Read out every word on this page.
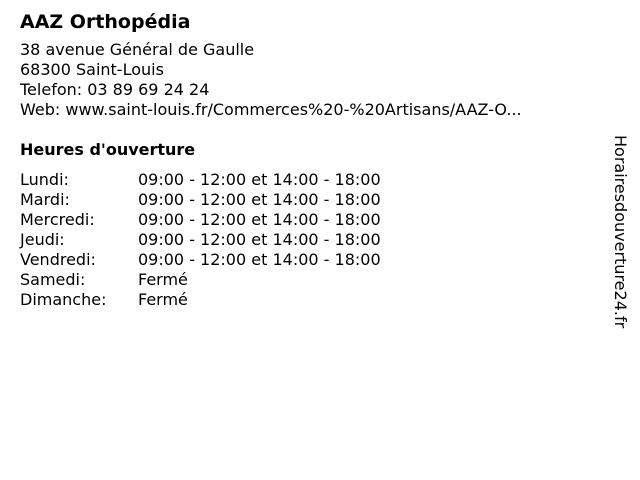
AAZ Orthopédia
38 avenue Général de Gaulle
68300 Saint-Louis
Telefon: 03 89 69 24 24
Web: www.saint-louis.fr/Commerces%20-%20Artisans/AAZ-O...
Heures d'ouverture
Lundi:	09:00 - 12:00 et 14:00 - 18:00
Mardi:	09:00 - 12:00 et 14:00 - 18:00
Mercredi:	09:00 - 12:00 et 14:00 - 18:00
Jeudi:	09:00 - 12:00 et 14:00 - 18:00
Vendredi:	09:00 - 12:00 et 14:00 - 18:00
Samedi:	Fermé
Dimanche:	Fermé	Horairesdouverture24.fr
